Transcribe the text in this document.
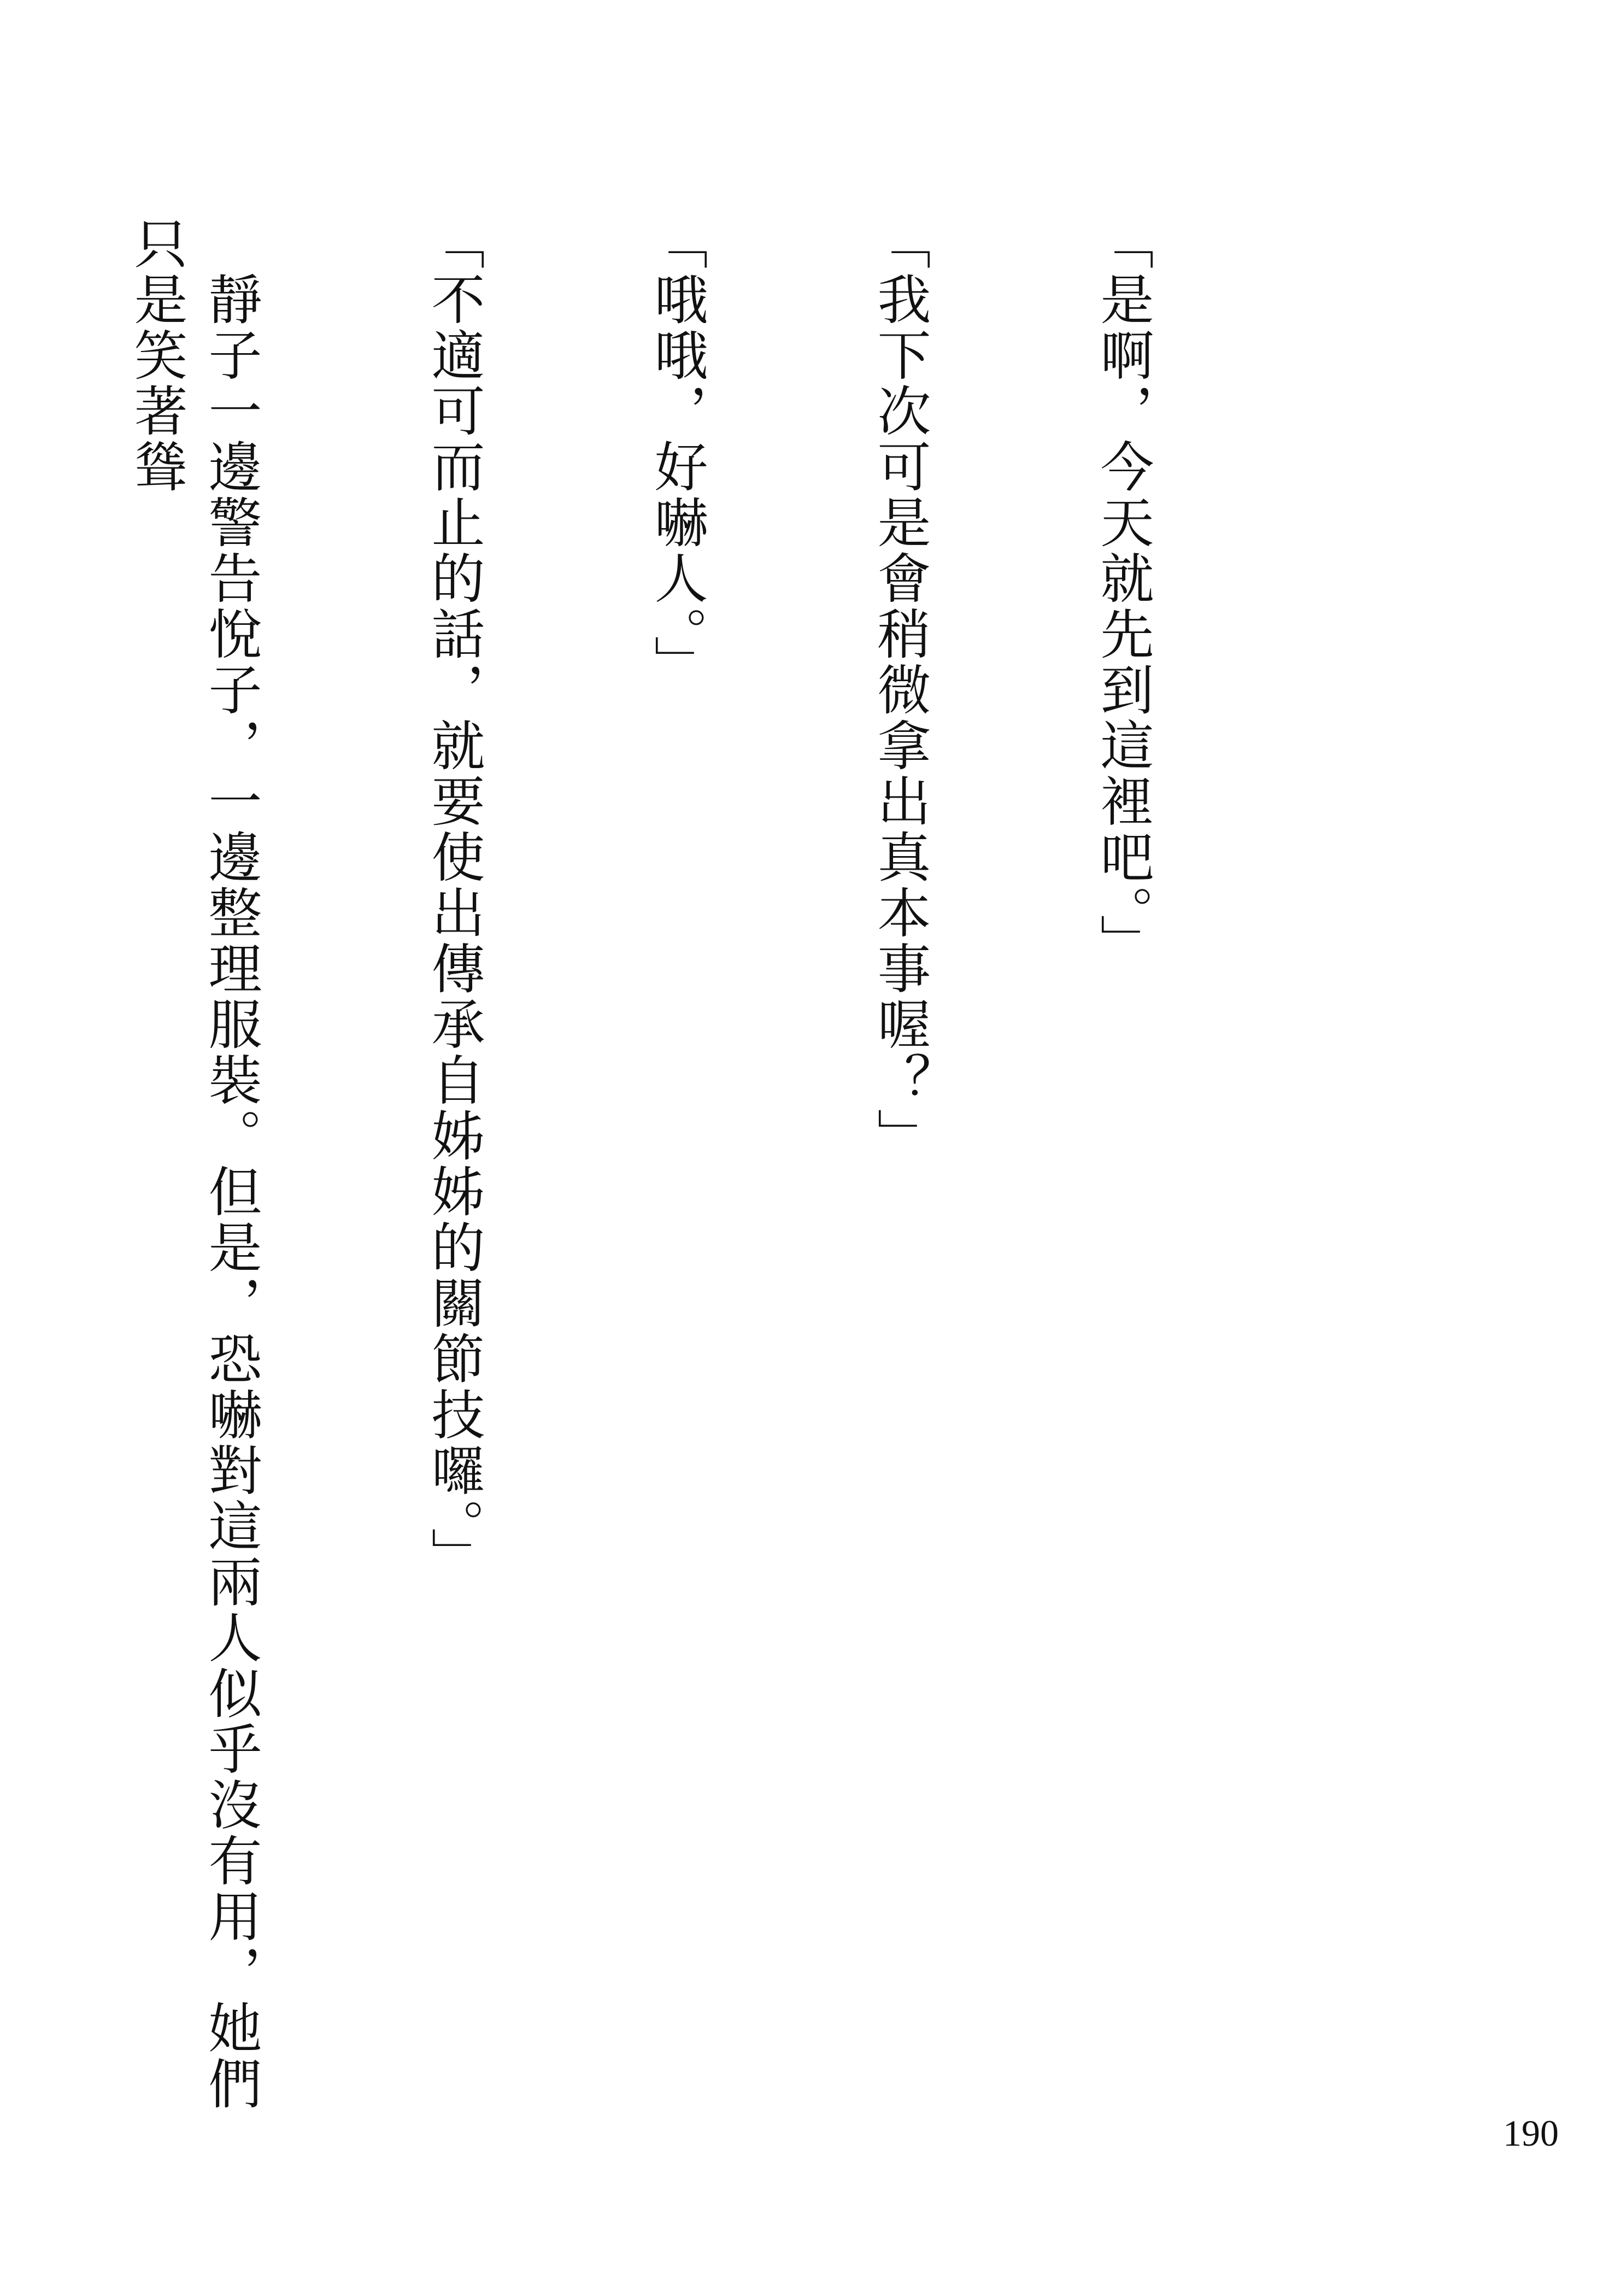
「是啊，今天就先到這裡吧。」

「我下次可是會稍微拿出真本事喔？」

「哦哦，好嚇人。」

「不適可而止的話，就要使出傳承自姊姊的關節技囉。」

　靜子一邊警告悅子，一邊整理服裝。但是，恐嚇對這兩人似乎沒有用，她們只是笑著聳

190
